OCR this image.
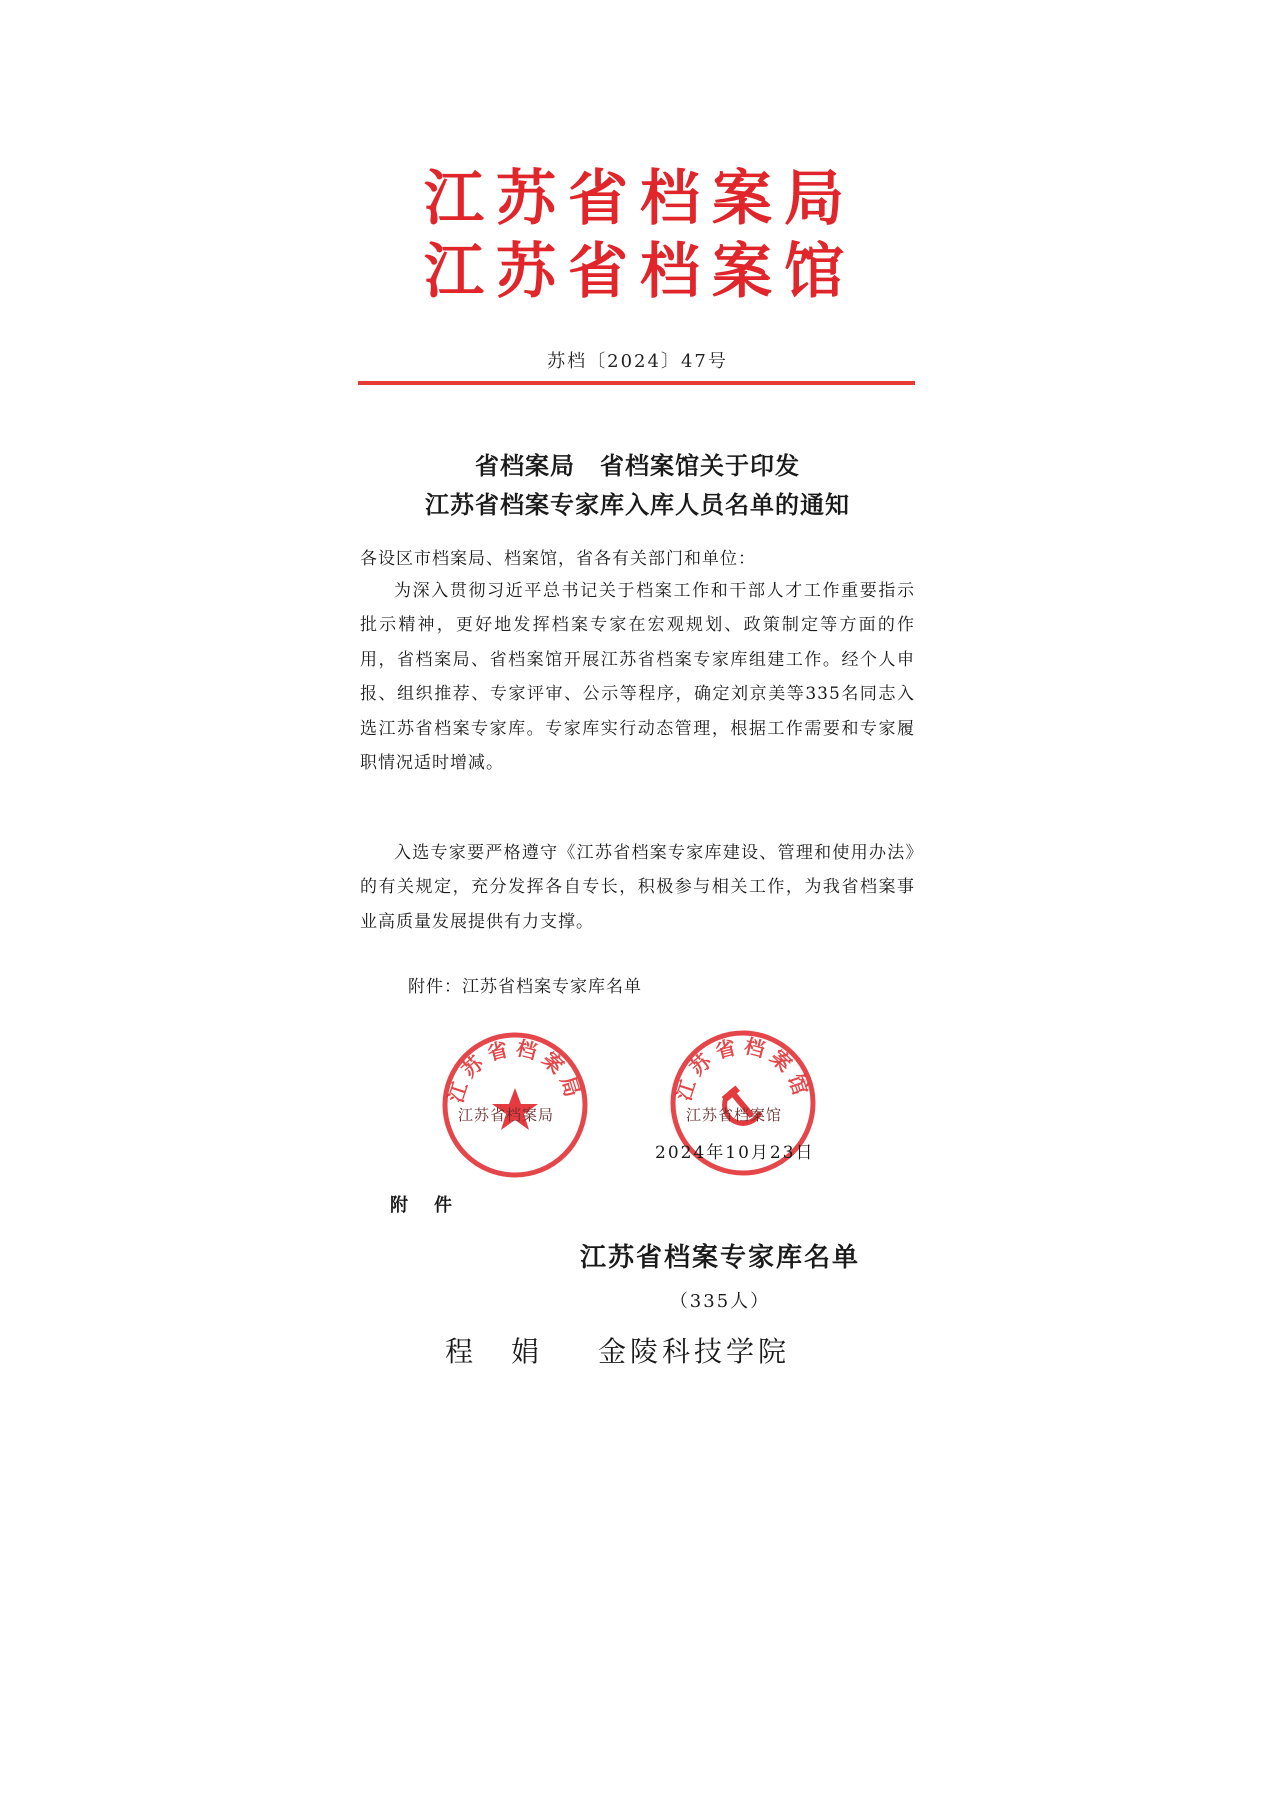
江苏省档案局
江苏省档案馆
苏档〔2024〕47号
省档案局　省档案馆关于印发
江苏省档案专家库入库人员名单的通知
各设区市档案局、档案馆，省各有关部门和单位：
为深入贯彻习近平总书记关于档案工作和干部人才工作重要指示批示精神，更好地发挥档案专家在宏观规划、政策制定等方面的作用，省档案局、省档案馆开展江苏省档案专家库组建工作。经个人申报、组织推荐、专家评审、公示等程序，确定刘京美等335名同志入选江苏省档案专家库。专家库实行动态管理，根据工作需要和专家履职情况适时增减。
入选专家要严格遵守《江苏省档案专家库建设、管理和使用办法》的有关规定，充分发挥各自专长，积极参与相关工作，为我省档案事业高质量发展提供有力支撑。
附件：江苏省档案专家库名单
江苏省档案局
江苏省档案局
江苏省档案馆
江苏省档案馆
2024年10月23日
附件
江苏省档案专家库名单
（335人）
程娟 金陵科技学院
